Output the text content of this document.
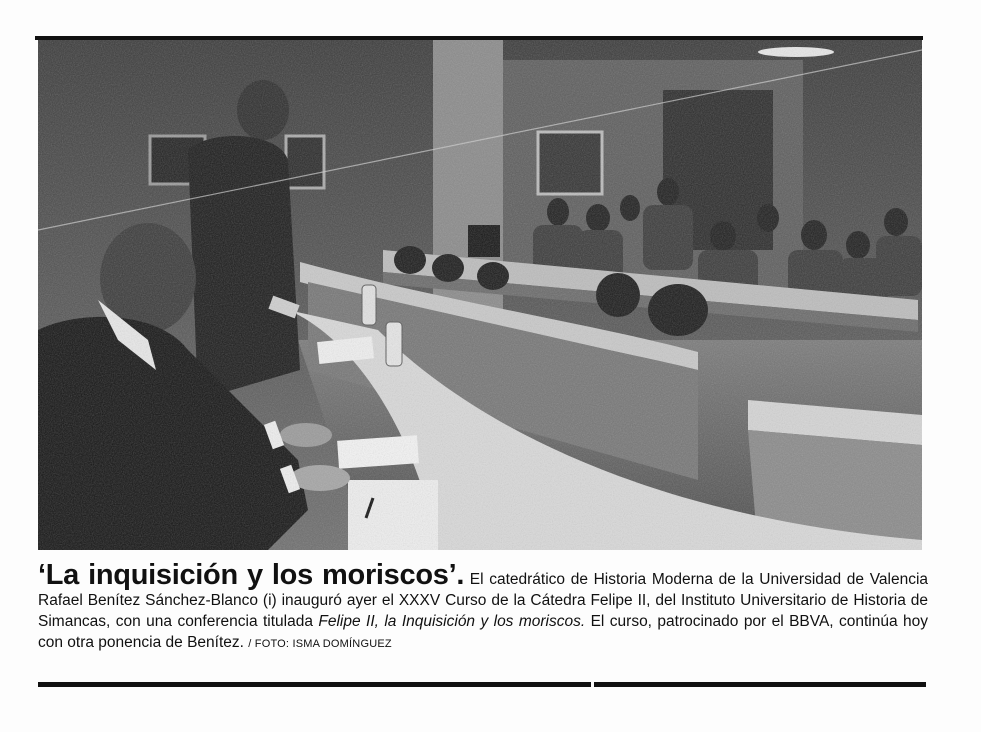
‘La inquisición y los moriscos’. El catedrático de Historia Moderna de la Universidad de Valencia Rafael Benítez Sánchez-Blanco (i) inauguró ayer el XXXV Curso de la Cátedra Felipe II, del Instituto Universitario de Historia de Simancas, con una conferencia titulada Felipe II, la Inquisición y los moriscos. El curso, patrocinado por el BBVA, continúa hoy con otra ponencia de Benítez. / FOTO: ISMA DOMÍNGUEZ
